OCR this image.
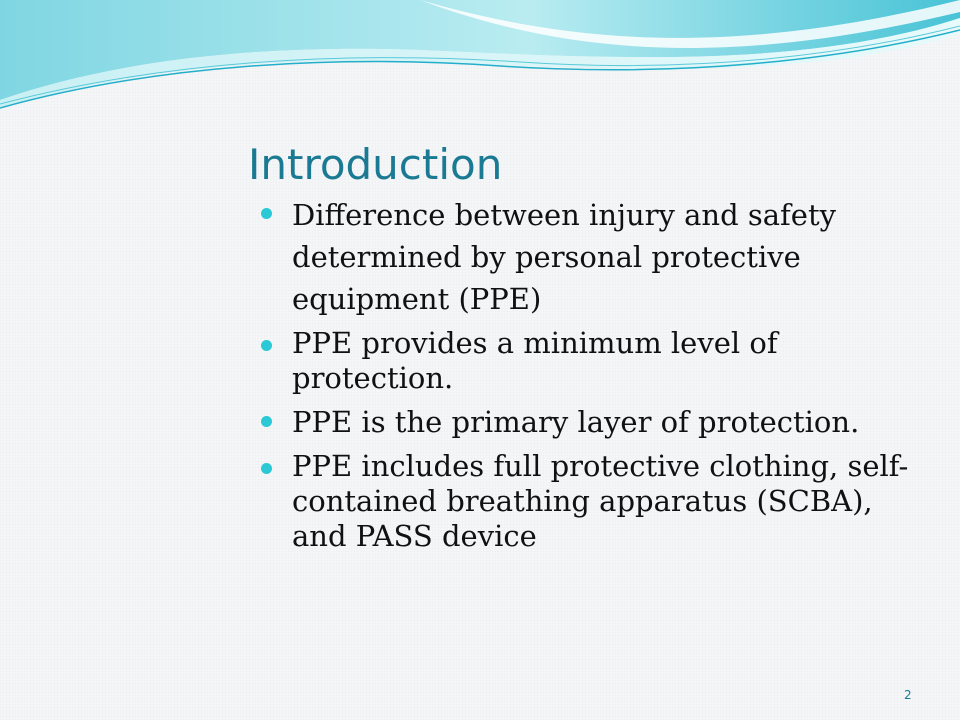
Introduction
Difference between injury and safety determined by personal protective equipment (PPE)
PPE provides a minimum level of protection.
PPE is the primary layer of protection.
PPE includes full protective clothing, self-contained breathing apparatus (SCBA), and PASS device
2
